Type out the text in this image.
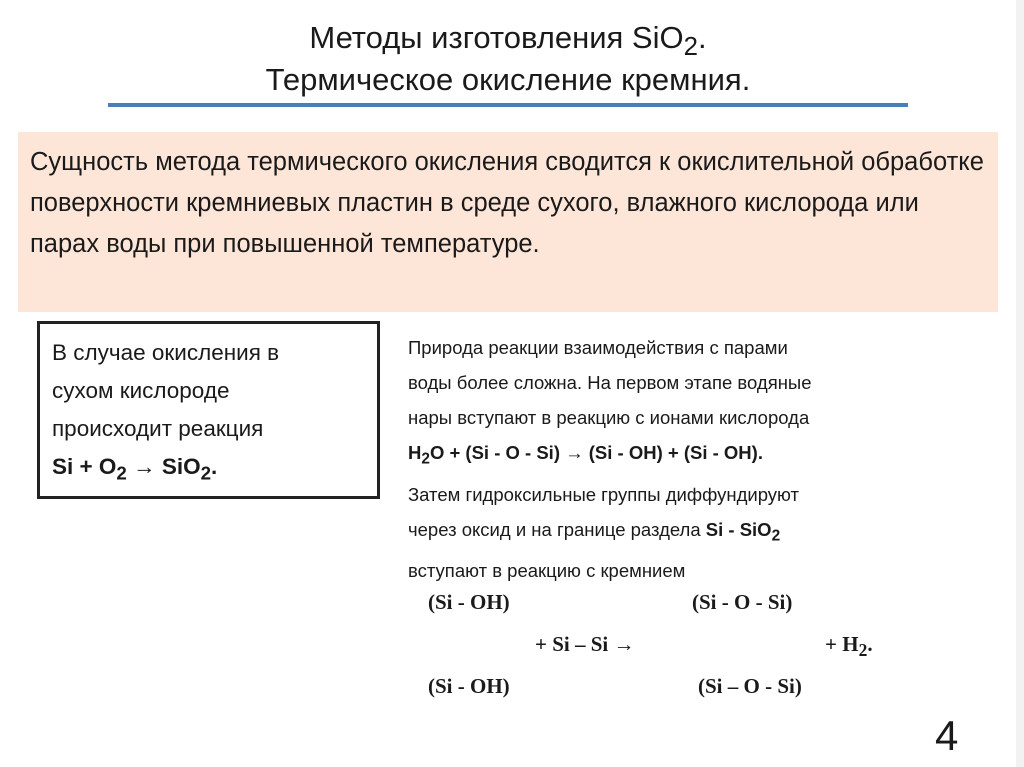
Методы изготовления SiO$_2$.
Термическое окисление кремния.

Сущность метода термического окисления сводится к окислительной обработке поверхности кремниевых пластин в среде сухого, влажного кислорода или парах воды при повышенной температуре.

В случае окисления в
сухом кислороде
происходит реакция
$Si + O_2 \to SiO_2$.

Природа реакции взаимодействия с парами
воды более сложна. На первом этапе водяные
нары вступают в реакцию с ионами кислорода
$H_2O + (Si - O - Si) \to (Si - OH) + (Si - OH)$.
Затем гидроксильные группы диффундируют
через оксид и на границе раздела Si - SiO$_2$
вступают в реакцию с кремнием
(Si - OH)
(Si - OH)
+ Si – Si →
(Si - O - Si)
(Si – O - Si)
+ $H_2$.
4
